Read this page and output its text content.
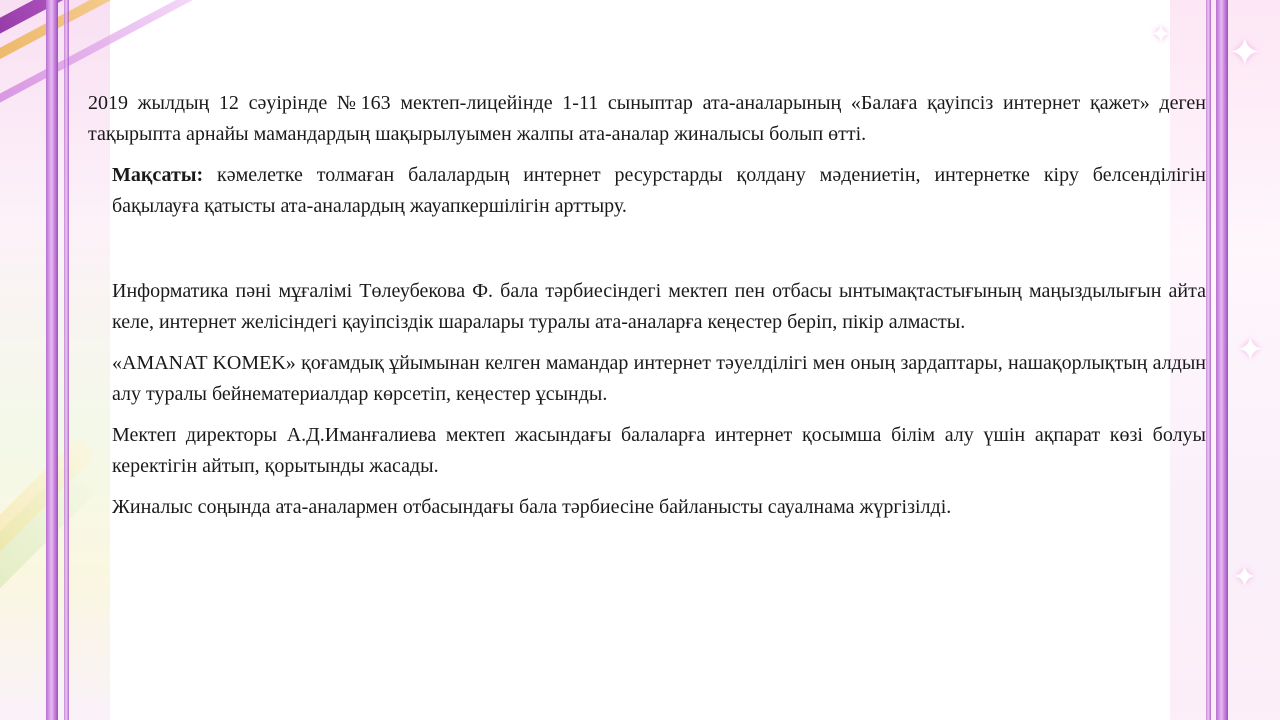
✦
✦
✦
✦

2019 жылдың 12 сәуірінде №163 мектеп-лицейінде 1-11 сыныптар ата-аналарының «Балаға қауіпсіз интернет қажет» деген тақырыпта арнайы мамандардың шақырылуымен жалпы ата-аналар жиналысы болып өтті.

Мақсаты: кәмелетке толмаған балалардың интернет ресурстарды қолдану мәдениетін, интернетке кіру белсенділігін бақылауға қатысты ата-аналардың жауапкершілігін арттыру.

Информатика пәні мұғалімі Төлеубекова Ф. бала тәрбиесіндегі мектеп пен отбасы ынтымақтастығының маңыздылығын айта келе, интернет желісіндегі қауіпсіздік шаралары туралы ата-аналарға кеңестер беріп, пікір алмасты.

«AMANAT KOMEK» қоғамдық ұйымынан келген мамандар интернет тәуелділігі мен оның зардаптары, нашақорлықтың алдын алу туралы бейнематериалдар көрсетіп, кеңестер ұсынды.

Мектеп директоры А.Д.Иманғалиева мектеп жасындағы балаларға интернет қосымша білім алу үшін ақпарат көзі болуы керектігін айтып, қорытынды жасады.

Жиналыс соңында ата-аналармен отбасындағы бала тәрбиесіне байланысты сауалнама жүргізілді.
